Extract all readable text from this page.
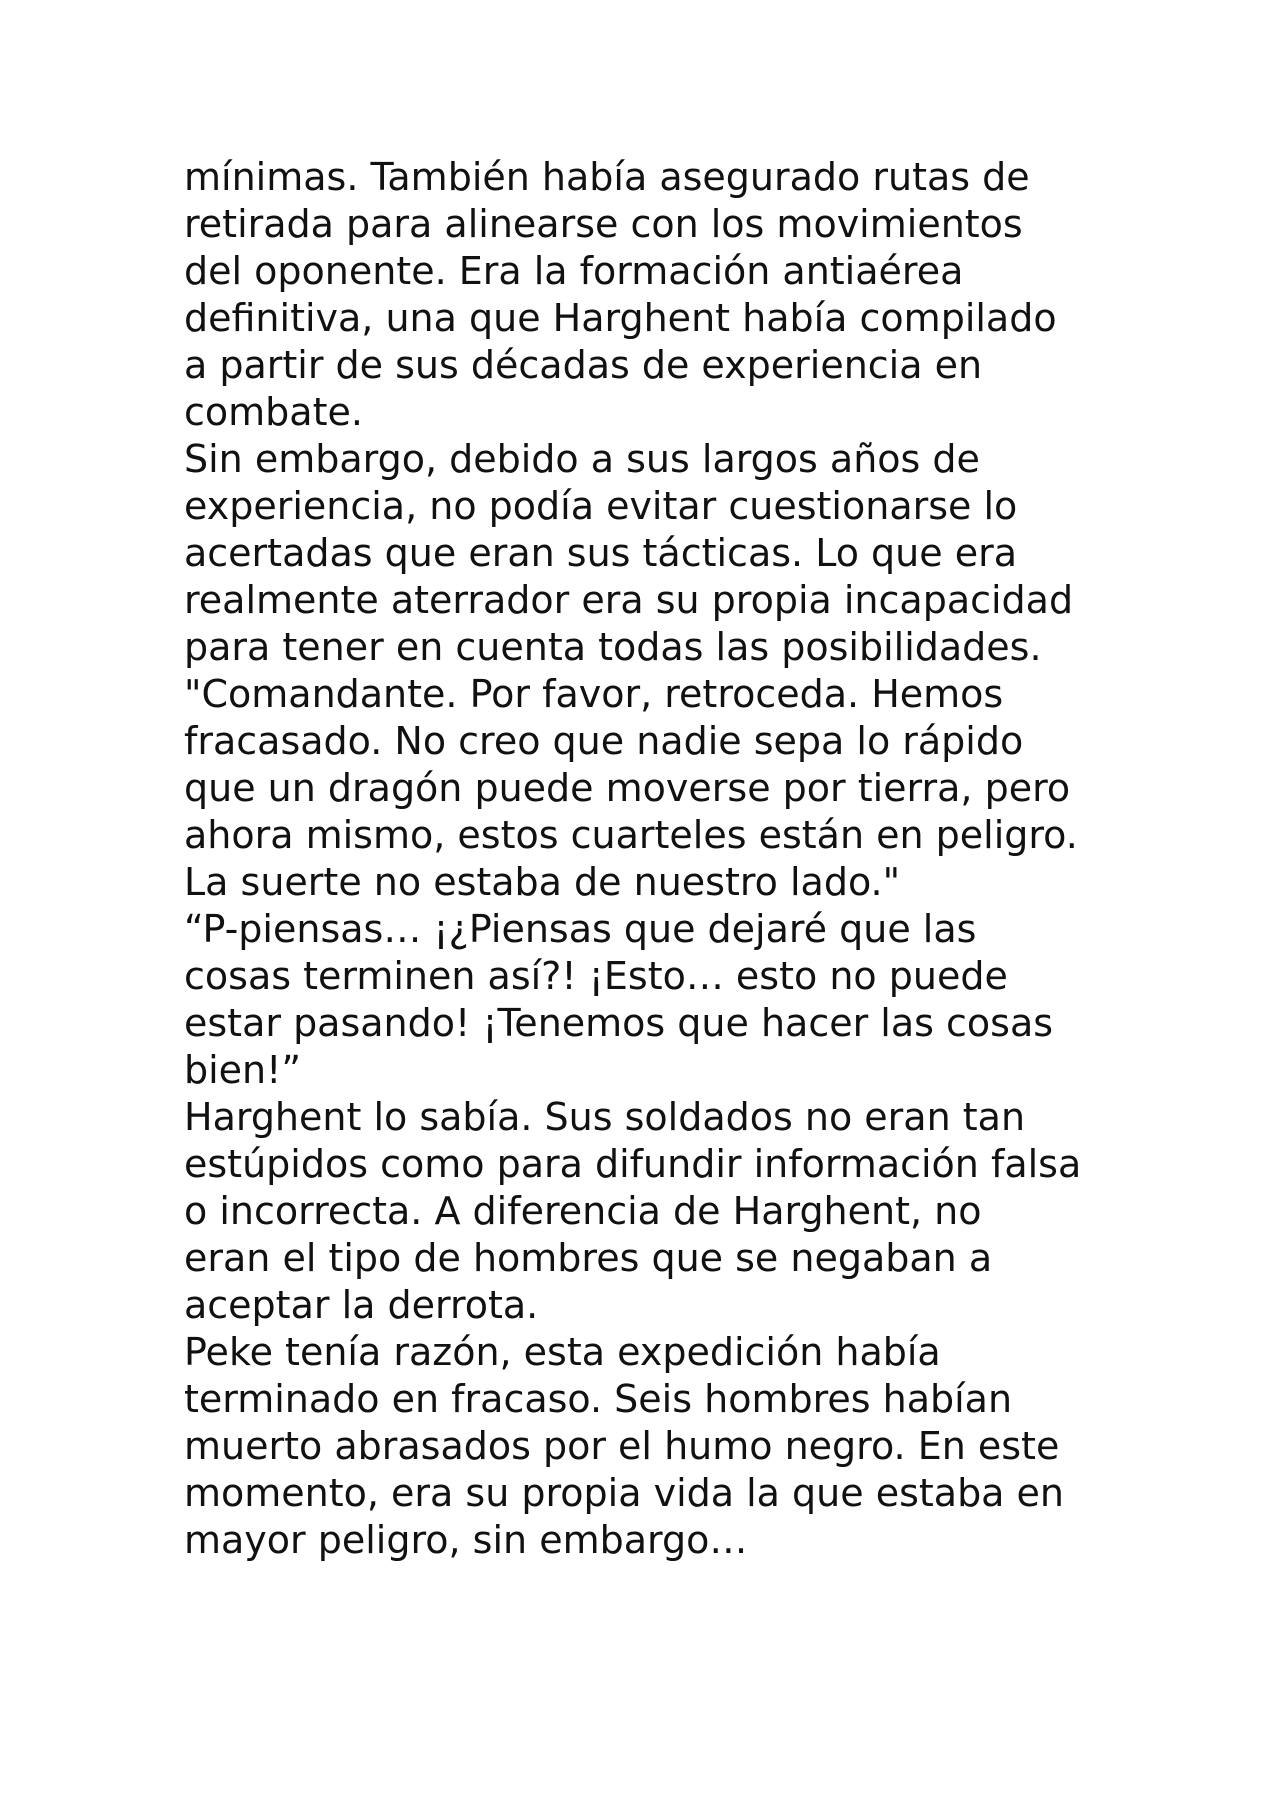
mínimas. También había asegurado rutas de
retirada para alinearse con los movimientos
del oponente. Era la formación antiaérea
definitiva, una que Harghent había compilado
a partir de sus décadas de experiencia en
combate.
Sin embargo, debido a sus largos años de
experiencia, no podía evitar cuestionarse lo
acertadas que eran sus tácticas. Lo que era
realmente aterrador era su propia incapacidad
para tener en cuenta todas las posibilidades.
"Comandante. Por favor, retroceda. Hemos
fracasado. No creo que nadie sepa lo rápido
que un dragón puede moverse por tierra, pero
ahora mismo, estos cuarteles están en peligro.
La suerte no estaba de nuestro lado."
“P-piensas… ¡¿Piensas que dejaré que las
cosas terminen así?! ¡Esto… esto no puede
estar pasando! ¡Tenemos que hacer las cosas
bien!”
Harghent lo sabía. Sus soldados no eran tan
estúpidos como para difundir información falsa
o incorrecta. A diferencia de Harghent, no
eran el tipo de hombres que se negaban a
aceptar la derrota.
Peke tenía razón, esta expedición había
terminado en fracaso. Seis hombres habían
muerto abrasados por el humo negro. En este
momento, era su propia vida la que estaba en
mayor peligro, sin embargo…
